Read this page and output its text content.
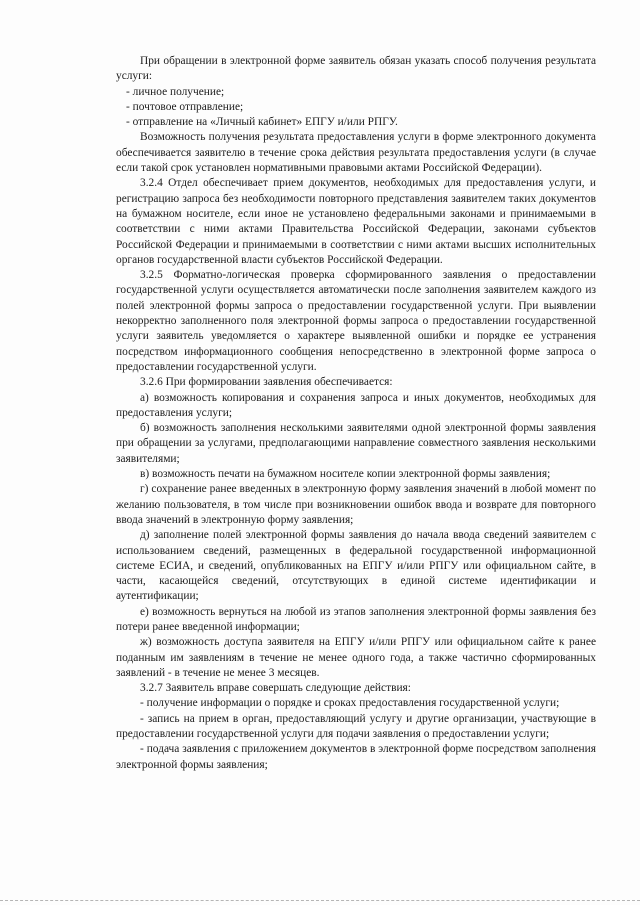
При обращении в электронной форме заявитель обязан указать способ получения результата услуги:

- личное получение;

- почтовое отправление;

- отправление на «Личный кабинет» ЕПГУ и/или РПГУ.

Возможность получения результата предоставления услуги в форме электронного документа обеспечивается заявителю в течение срока действия результата предоставления услуги (в случае если такой срок установлен нормативными правовыми актами Российской Федерации).

3.2.4 Отдел обеспечивает прием документов, необходимых для предоставления услуги, и регистрацию запроса без необходимости повторного представления заявителем таких документов на бумажном носителе, если иное не установлено федеральными законами и принимаемыми в соответствии с ними актами Правительства Российской Федерации, законами субъектов Российской Федерации и принимаемыми в соответствии с ними актами высших исполнительных органов государственной власти субъектов Российской Федерации.

3.2.5 Форматно-логическая проверка сформированного заявления о предоставлении государственной услуги осуществляется автоматически после заполнения заявителем каждого из полей электронной формы запроса о предоставлении государственной услуги. При выявлении некорректно заполненного поля электронной формы запроса о предоставлении государственной услуги заявитель уведомляется о характере выявленной ошибки и порядке ее устранения посредством информационного сообщения непосредственно в электронной форме запроса о предоставлении государственной услуги.

3.2.6 При формировании заявления обеспечивается:

а) возможность копирования и сохранения запроса и иных документов, необходимых для предоставления услуги;

б) возможность заполнения несколькими заявителями одной электронной формы заявления при обращении за услугами, предполагающими направление совместного заявления несколькими заявителями;

в) возможность печати на бумажном носителе копии электронной формы заявления;

г) сохранение ранее введенных в электронную форму заявления значений в любой момент по желанию пользователя, в том числе при возникновении ошибок ввода и возврате для повторного ввода значений в электронную форму заявления;

д) заполнение полей электронной формы заявления до начала ввода сведений заявителем с использованием сведений, размещенных в федеральной государственной информационной системе ЕСИА, и сведений, опубликованных на ЕПГУ и/или РПГУ или официальном сайте, в части, касающейся сведений, отсутствующих в единой системе идентификации и аутентификации;

е) возможность вернуться на любой из этапов заполнения электронной формы заявления без потери ранее введенной информации;

ж) возможность доступа заявителя на ЕПГУ и/или РПГУ или официальном сайте к ранее поданным им заявлениям в течение не менее одного года, а также частично сформированных заявлений - в течение не менее 3 месяцев.

3.2.7 Заявитель вправе совершать следующие действия:

- получение информации о порядке и сроках предоставления государственной услуги;

- запись на прием в орган, предоставляющий услугу и другие организации, участвующие в предоставлении государственной услуги для подачи заявления о предоставлении услуги;

- подача заявления с приложением документов в электронной форме посредством заполнения электронной формы заявления;
